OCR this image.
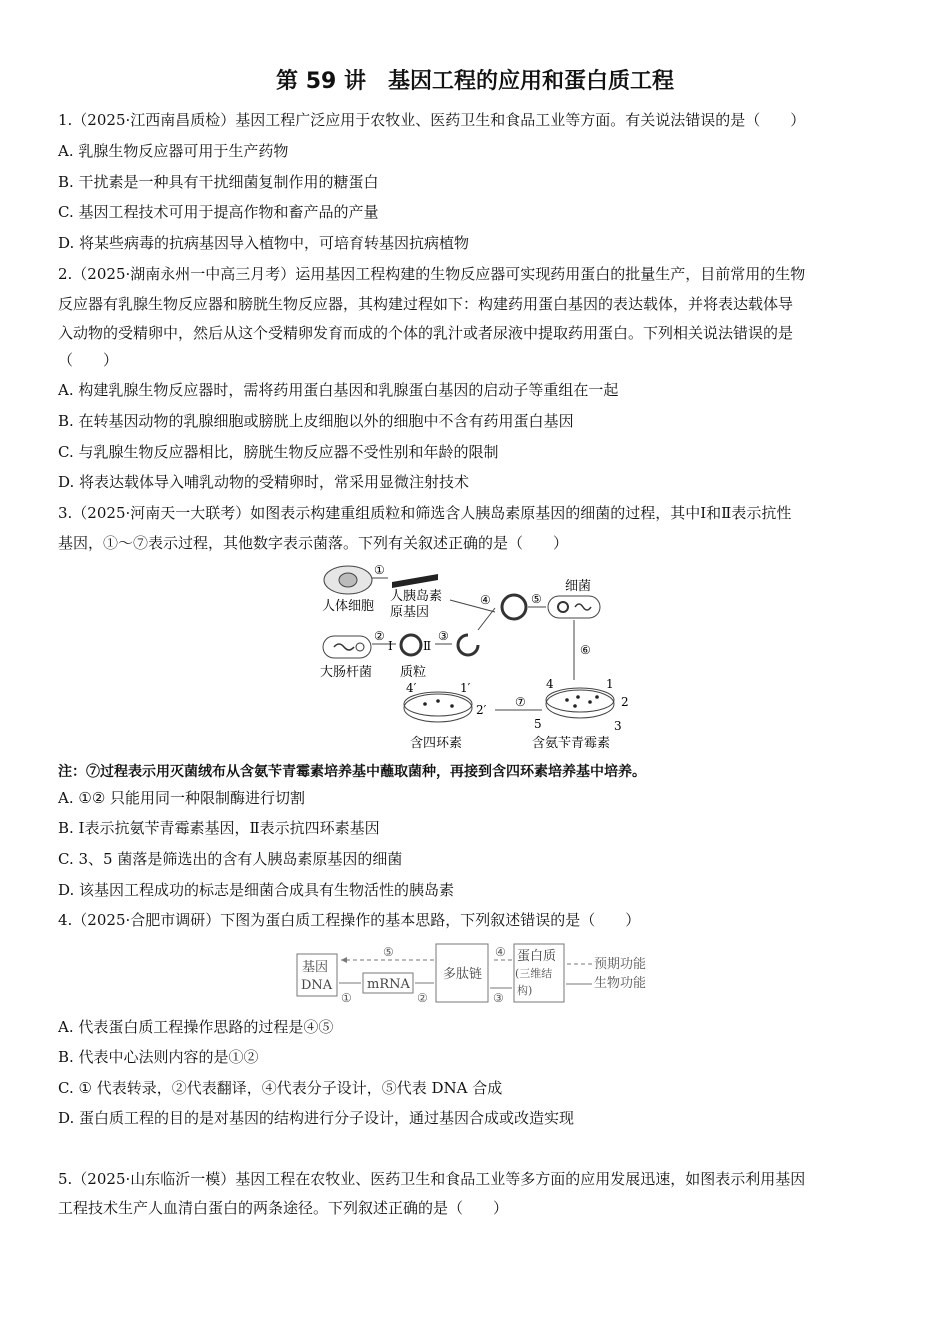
第 59 讲　基因工程的应用和蛋白质工程
1.（2025·江西南昌质检）基因工程广泛应用于农牧业、医药卫生和食品工业等方面。有关说法错误的是（　　）
A. 乳腺生物反应器可用于生产药物
B. 干扰素是一种具有干扰细菌复制作用的糖蛋白
C. 基因工程技术可用于提高作物和畜产品的产量
D. 将某些病毒的抗病基因导入植物中，可培育转基因抗病植物
2.（2025·湖南永州一中高三月考）运用基因工程构建的生物反应器可实现药用蛋白的批量生产，目前常用的生物
反应器有乳腺生物反应器和膀胱生物反应器，其构建过程如下：构建药用蛋白基因的表达载体，并将表达载体导
入动物的受精卵中，然后从这个受精卵发育而成的个体的乳汁或者尿液中提取药用蛋白。下列相关说法错误的是
（　　）
A. 构建乳腺生物反应器时，需将药用蛋白基因和乳腺蛋白基因的启动子等重组在一起
B. 在转基因动物的乳腺细胞或膀胱上皮细胞以外的细胞中不含有药用蛋白基因
C. 与乳腺生物反应器相比，膀胱生物反应器不受性别和年龄的限制
D. 将表达载体导入哺乳动物的受精卵时，常采用显微注射技术
3.（2025·河南天一大联考）如图表示构建重组质粒和筛选含人胰岛素原基因的细菌的过程，其中Ⅰ和Ⅱ表示抗性
基因，①～⑦表示过程，其他数字表示菌落。下列有关叙述正确的是（　　）
人体细胞
①
人胰岛素
原基因
大肠杆菌
②
Ⅰ	Ⅱ
质粒
③
④	⑤
细菌
⑥
4	1
2
3
5
含氨苄青霉素
⑦
4′	1′
2′
含四环素
注：⑦过程表示用灭菌绒布从含氨苄青霉素培养基中蘸取菌种，再接到含四环素培养基中培养。
A. ①② 只能用同一种限制酶进行切割
B. Ⅰ表示抗氨苄青霉素基因，Ⅱ表示抗四环素基因
C. 3、5 菌落是筛选出的含有人胰岛素原基因的细菌
D. 该基因工程成功的标志是细菌合成具有生物活性的胰岛素
4.（2025·合肥市调研）下图为蛋白质工程操作的基本思路，下列叙述错误的是（　　）
基因
DNA	mRNA
多肽链
蛋白质
(三维结
构)
预期功能
生物功能
⑤	④
①	②	③
A. 代表蛋白质工程操作思路的过程是④⑤
B. 代表中心法则内容的是①②
C. ① 代表转录，②代表翻译，④代表分子设计，⑤代表 DNA 合成
D. 蛋白质工程的目的是对基因的结构进行分子设计，通过基因合成或改造实现
5.（2025·山东临沂一模）基因工程在农牧业、医药卫生和食品工业等多方面的应用发展迅速，如图表示利用基因
工程技术生产人血清白蛋白的两条途径。下列叙述正确的是（　　）
